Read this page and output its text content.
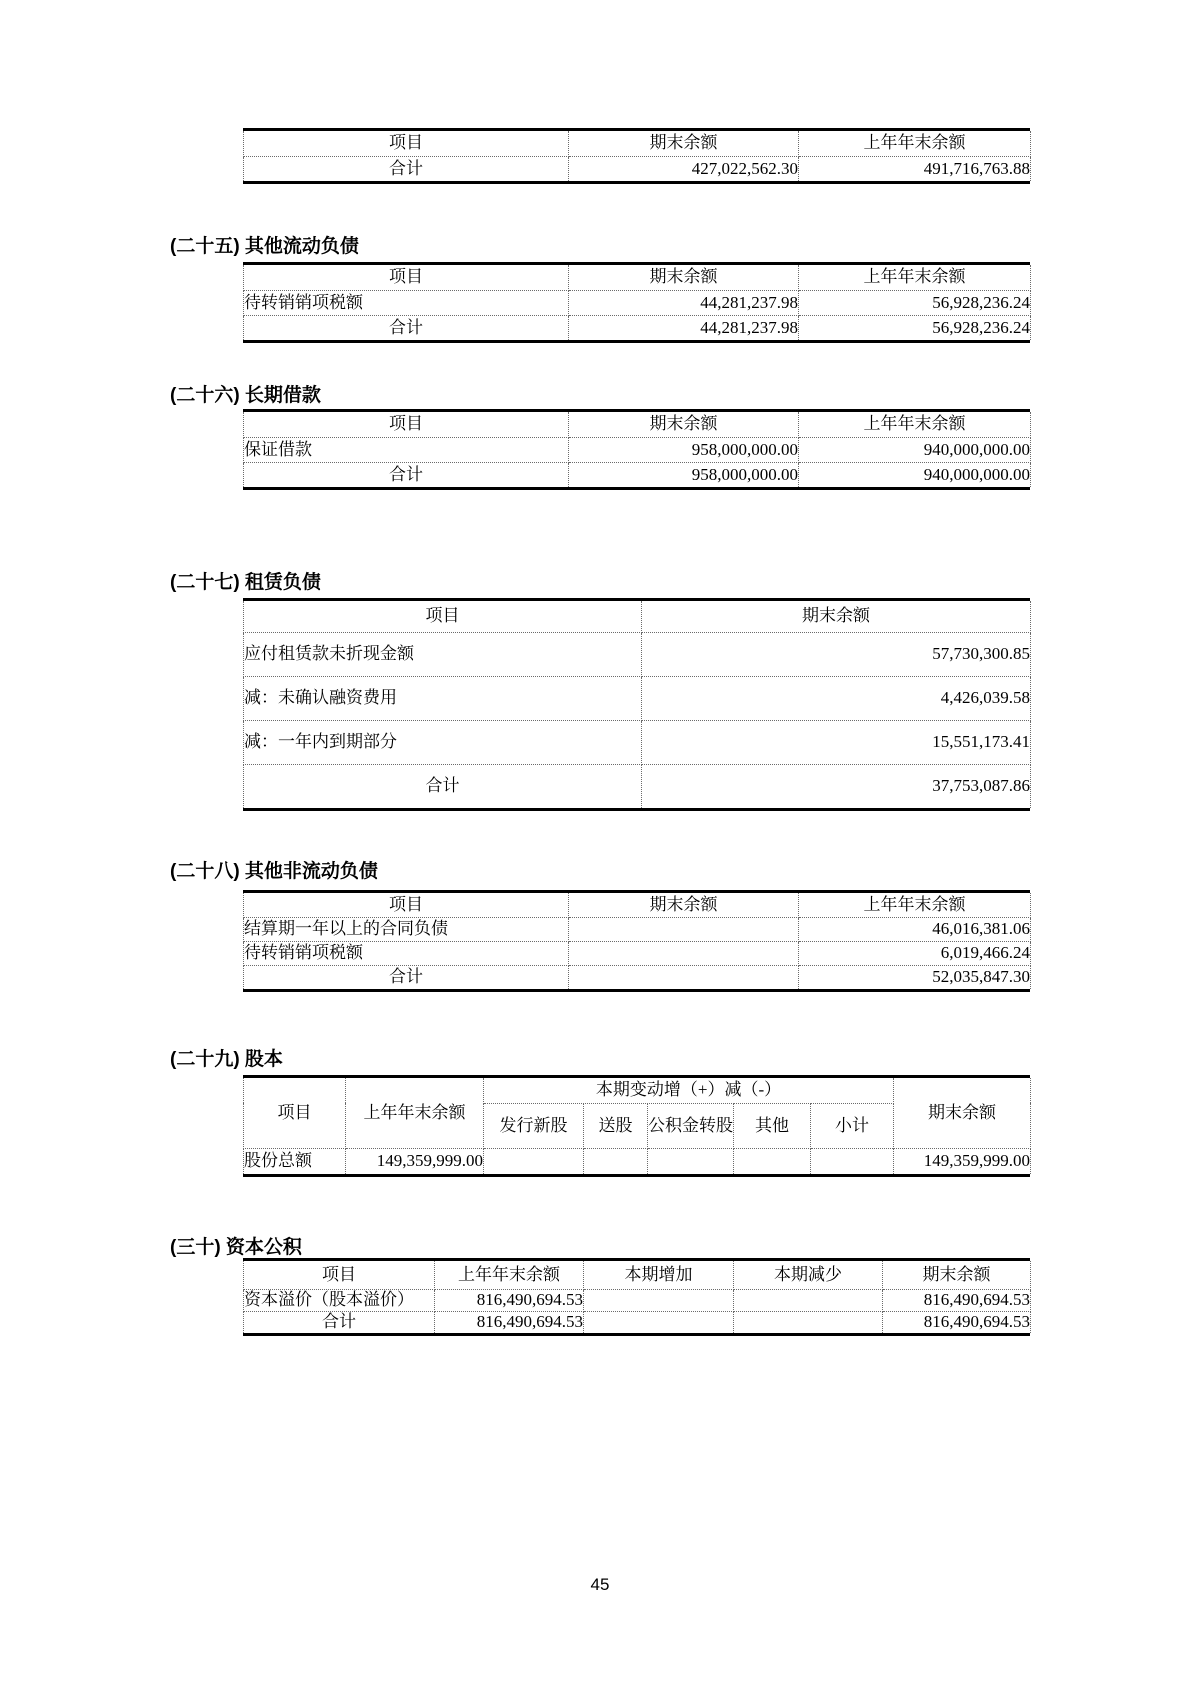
项目	期末余额	上年年末余额
合计	427,022,562.30	491,716,763.88
(二十五) 其他流动负债
项目	期末余额	上年年末余额
待转销销项税额	44,281,237.98	56,928,236.24
合计	44,281,237.98	56,928,236.24
(二十六) 长期借款
项目	期末余额	上年年末余额
保证借款	958,000,000.00	940,000,000.00
合计	958,000,000.00	940,000,000.00
(二十七) 租赁负债
项目	期末余额
应付租赁款未折现金额	57,730,300.85
减：未确认融资费用	4,426,039.58
减：一年内到期部分	15,551,173.41
合计	37,753,087.86
(二十八) 其他非流动负债
项目	期末余额	上年年末余额
结算期一年以上的合同负债		46,016,381.06
待转销销项税额		6,019,466.24
合计		52,035,847.30
(二十九) 股本
项目	上年年末余额	本期变动增（+）减（-）					期末余额
		发行新股	送股	公积金转股	其他	小计	
股份总额	149,359,999.00						149,359,999.00
(三十) 资本公积
项目	上年年末余额	本期增加	本期减少	期末余额
资本溢价（股本溢价）	816,490,694.53			816,490,694.53
合计	816,490,694.53			816,490,694.53
45
